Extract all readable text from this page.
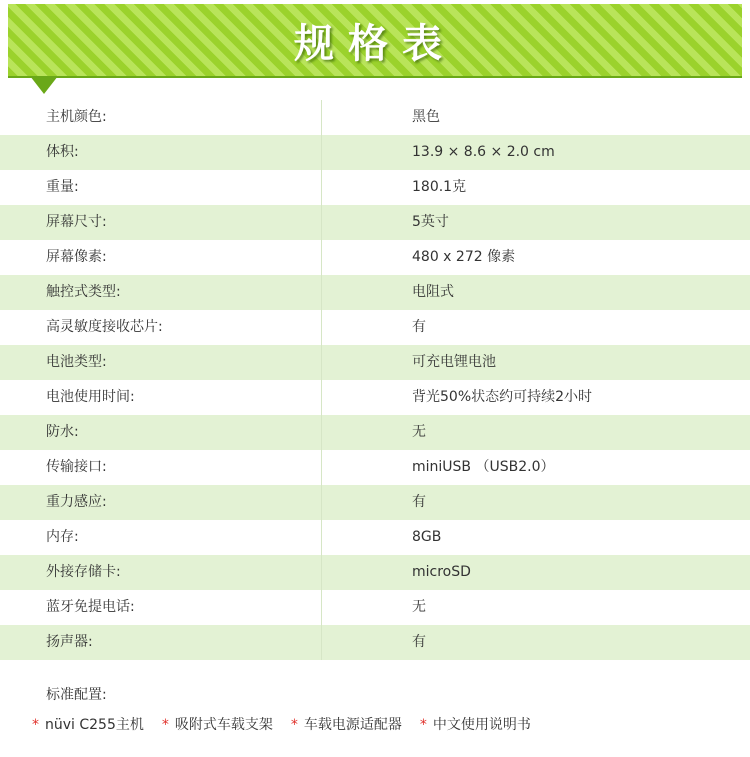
规格表
主机颜色:	黑色
体积:	13.9 × 8.6 × 2.0 cm
重量:	180.1克
屏幕尺寸:	5英寸
屏幕像素:	480 x 272 像素
触控式类型:	电阻式
高灵敏度接收芯片:	有
电池类型:	可充电锂电池
电池使用时间:	背光50%状态约可持续2小时
防水:	无
传输接口:	miniUSB （USB2.0）
重力感应:	有
内存:	8GB
外接存储卡:	microSD
蓝牙免提电话:	无
扬声器:	有
标准配置:
* nüvi C255主机 * 吸附式车载支架 * 车载电源适配器 * 中文使用说明书
